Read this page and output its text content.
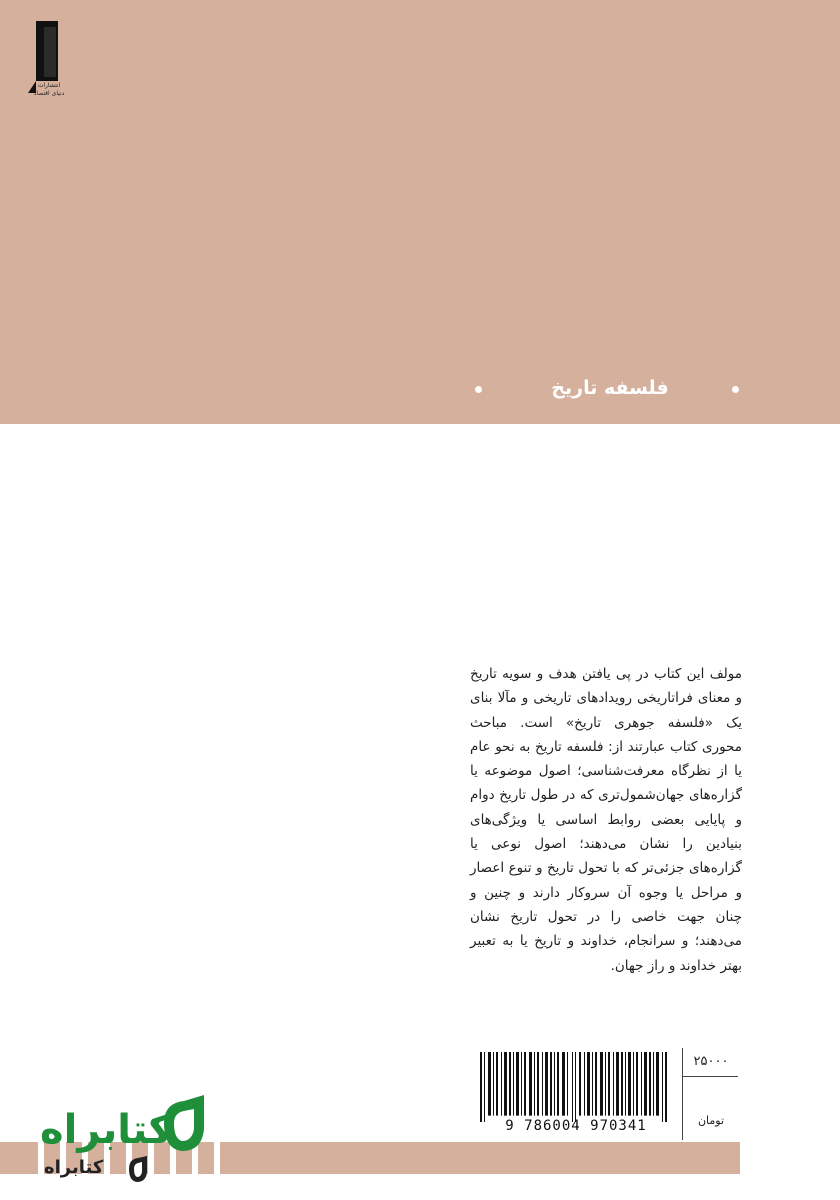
انتشارات
دنیای اقتصاد
فلسفه تاریخ

مولف این کتاب در پی یافتن هدف و سویه تاریخ و معنای فراتاریخی رویدادهای تاریخی و مآلا بنای یک «فلسفه جوهری تاریخ» است. مباحث محوری کتاب عبارتند از: فلسفه تاریخ به نحو عام یا از نظرگاه معرفت‌شناسی؛ اصول موضوعه یا گزاره‌های جهان‌شمول‌تری که در طول تاریخ دوام و پایایی بعضی روابط اساسی یا ویژگی‌های بنیادین را نشان می‌دهند؛ اصول نوعی یا گزاره‌های جزئی‌تر که با تحول تاریخ و تنوع اعصار و مراحل یا وجوه آن سروکار دارند و چنین و چنان جهت خاصی را در تحول تاریخ نشان می‌دهند؛ و سرانجام، خداوند و تاریخ یا به تعبیر بهتر خداوند و راز جهان.

9 786004 970341
۲۵۰۰۰
تومان
کتابراه
کتابراه
